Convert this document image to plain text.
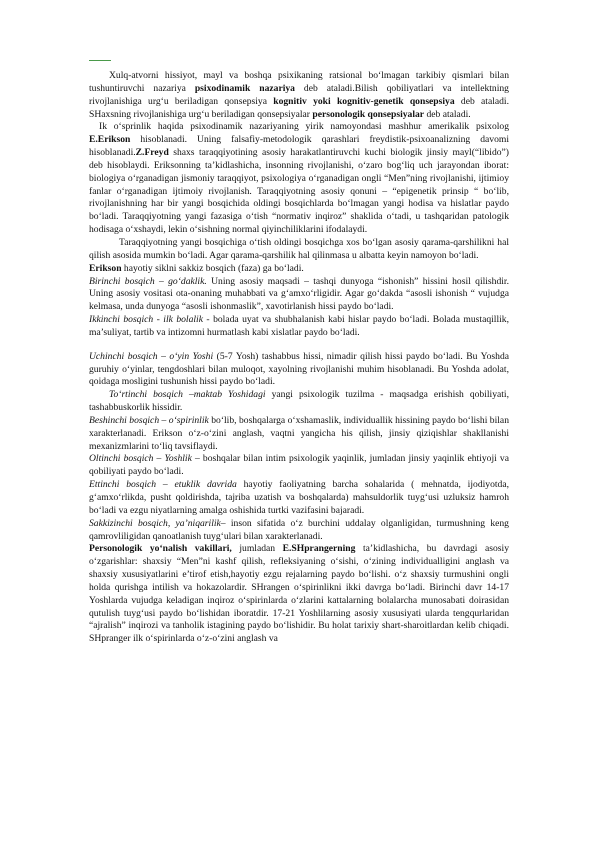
Xulq-atvorni hissiyot, mayl va boshqa psixikaning ratsional bo‘lmagan tarkibiy qismlari bilan tushuntiruvchi nazariya psixodinamik nazariya deb ataladi.Bilish qobiliyatlari va intellektning rivojlanishiga urg‘u beriladigan qonsepsiya kognitiv yoki kognitiv-genetik qonsepsiya deb ataladi. SHaxsning rivojlanishiga urg‘u beriladigan qonsepsiyalar personologik qonsepsiyalar deb ataladi.

Ik o‘sprinlik haqida psixodinamik nazariyaning yirik namoyondasi mashhur amerikalik psixolog E.Erikson hisoblanadi. Uning falsafiy-metodologik qarashlari freydistik-psixoanalizning davomi hisoblanadi.Z.Freyd shaxs taraqqiyotining asosiy harakatlantiruvchi kuchi biologik jinsiy mayl(“libido”) deb hisoblaydi. Eriksonning ta’kidlashicha, insonning rivojlanishi, o‘zaro bog‘liq uch jarayondan iborat: biologiya o‘rganadigan jismoniy taraqqiyot, psixologiya o‘rganadigan ongli “Men”ning rivojlanishi, ijtimioy fanlar o‘rganadigan ijtimoiy rivojlanish. Taraqqiyotning asosiy qonuni – “epigenetik prinsip “ bo‘lib, rivojlanishning har bir yangi bosqichida oldingi bosqichlarda bo‘lmagan yangi hodisa va hislatlar paydo bo‘ladi. Taraqqiyotning yangi fazasiga o‘tish “normativ inqiroz” shaklida o‘tadi, u tashqaridan patologik hodisaga o‘xshaydi, lekin o‘sishning normal qiyinchiliklarini ifodalaydi.

Taraqqiyotning yangi bosqichiga o‘tish oldingi bosqichga xos bo‘lgan asosiy qarama-qarshilikni hal qilish asosida mumkin bo‘ladi. Agar qarama-qarshilik hal qilinmasa u albatta keyin namoyon bo‘ladi.

Erikson hayotiy siklni sakkiz bosqich (faza) ga bo‘ladi.

Birinchi bosqich – go‘daklik. Uning asosiy maqsadi – tashqi dunyoga “ishonish” hissini hosil qilishdir. Uning asosiy vositasi ota-onaning muhabbati va g‘amxo‘rligidir. Agar go‘dakda “asosli ishonish “ vujudga kelmasa, unda dunyoga “asosli ishonmaslik”, xavotirlanish hissi paydo bo‘ladi.

Ikkinchi bosqich - ilk bolalik - bolada uyat va shubhalanish kabi hislar paydo bo‘ladi. Bolada mustaqillik, ma’suliyat, tartib va intizomni hurmatlash kabi xislatlar paydo bo‘ladi.

Uchinchi bosqich – o‘yin Yoshi (5-7 Yosh) tashabbus hissi, nimadir qilish hissi paydo bo‘ladi. Bu Yoshda guruhiy o‘yinlar, tengdoshlari bilan muloqot, xayolning rivojlanishi muhim hisoblanadi. Bu Yoshda adolat, qoidaga mosligini tushunish hissi paydo bo‘ladi.

To‘rtinchi bosqich –maktab Yoshidagi yangi psixologik tuzilma - maqsadga erishish qobiliyati, tashabbuskorlik hissidir.

Beshinchi bosqich – o‘spirinlik bo‘lib, boshqalarga o‘xshamaslik, individuallik hissining paydo bo‘lishi bilan xarakterlanadi. Erikson o‘z-o‘zini anglash, vaqtni yangicha his qilish, jinsiy qiziqishlar shakllanishi mexanizmlarini to‘liq tavsiflaydi.

Oltinchi bosqich – Yoshlik – boshqalar bilan intim psixologik yaqinlik, jumladan jinsiy yaqinlik ehtiyoji va qobiliyati paydo bo‘ladi.

Ettinchi bosqich – etuklik davrida hayotiy faoliyatning barcha sohalarida ( mehnatda, ijodiyotda, g‘amxo‘rlikda, pusht qoldirishda, tajriba uzatish va boshqalarda) mahsuldorlik tuyg‘usi uzluksiz hamroh bo‘ladi va ezgu niyatlarning amalga oshishida turtki vazifasini bajaradi.

Sakkizinchi bosqich, ya’niqarilik– inson sifatida o‘z burchini uddalay olganligidan, turmushning keng qamrovliligidan qanoatlanish tuyg‘ulari bilan xarakterlanadi.

Personologik yo‘nalish vakillari, jumladan E.SHprangerning ta’kidlashicha, bu davrdagi asosiy o‘zgarishlar: shaxsiy “Men”ni kashf qilish, refleksiyaning o‘sishi, o‘zining individualligini anglash va shaxsiy xususiyatlarini e’tirof etish,hayotiy ezgu rejalarning paydo bo‘lishi. o‘z shaxsiy turmushini ongli holda qurishga intilish va hokazolardir. SHrangen o‘spirinlikni ikki davrga bo‘ladi. Birinchi davr 14-17 Yoshlarda vujudga keladigan inqiroz o‘spirinlarda o‘zlarini kattalarning bolalarcha munosabati doirasidan qutulish tuyg‘usi paydo bo‘lishidan iboratdir. 17-21 Yoshlilarning asosiy xususiyati ularda tengqurlaridan “ajralish” inqirozi va tanholik istagining paydo bo‘lishidir. Bu holat tarixiy shart-sharoitlardan kelib chiqadi. SHpranger ilk o‘spirinlarda o‘z-o‘zini anglash va
